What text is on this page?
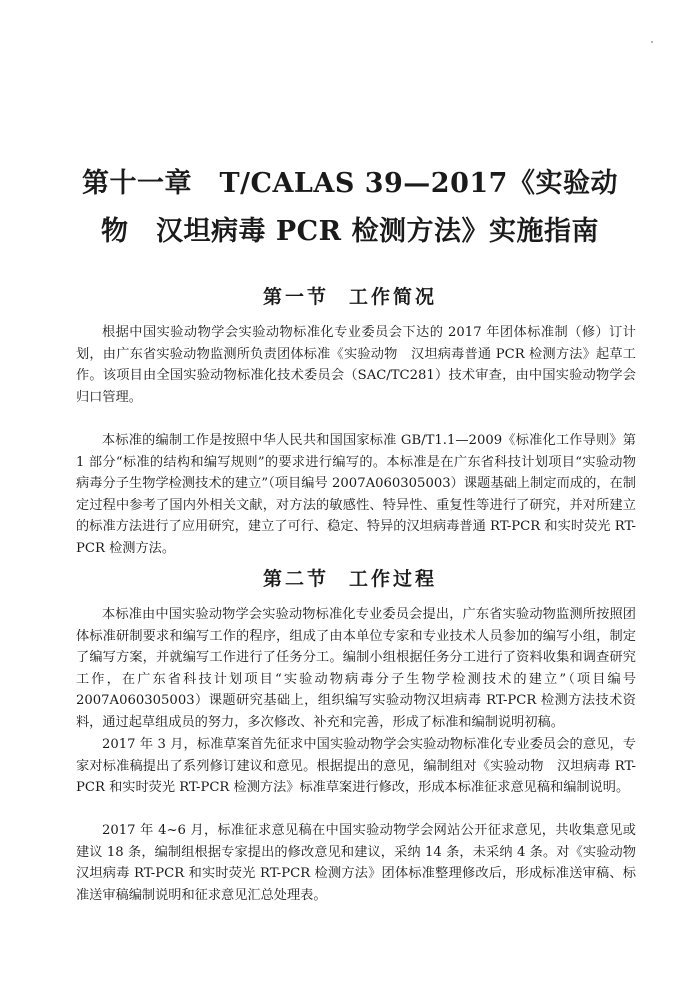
第十一章　T/CALAS 39—2017《实验动物　汉坦病毒 PCR 检测方法》实施指南
第一节 工作简况

根据中国实验动物学会实验动物标准化专业委员会下达的 2017 年团体标准制（修）订计划，由广东省实验动物监测所负责团体标准《实验动物　汉坦病毒普通 PCR 检测方法》起草工作。该项目由全国实验动物标准化技术委员会（SAC/TC281）技术审查，由中国实验动物学会归口管理。

本标准的编制工作是按照中华人民共和国国家标准 GB/T1.1—2009《标准化工作导则》第 1 部分“标准的结构和编写规则”的要求进行编写的。本标准是在广东省科技计划项目“实验动物病毒分子生物学检测技术的建立”（项目编号 2007A060305003）课题基础上制定而成的，在制定过程中参考了国内外相关文献，对方法的敏感性、特异性、重复性等进行了研究，并对所建立的标准方法进行了应用研究，建立了可行、稳定、特异的汉坦病毒普通 RT-PCR 和实时荧光 RT-PCR 检测方法。

第二节 工作过程

本标准由中国实验动物学会实验动物标准化专业委员会提出，广东省实验动物监测所按照团体标准研制要求和编写工作的程序，组成了由本单位专家和专业技术人员参加的编写小组，制定了编写方案，并就编写工作进行了任务分工。编制小组根据任务分工进行了资料收集和调查研究工作，在广东省科技计划项目“实验动物病毒分子生物学检测技术的建立”（项目编号 2007A060305003）课题研究基础上，组织编写实验动物汉坦病毒 RT-PCR 检测方法技术资料，通过起草组成员的努力，多次修改、补充和完善，形成了标准和编制说明初稿。

2017 年 3 月，标准草案首先征求中国实验动物学会实验动物标准化专业委员会的意见，专家对标准稿提出了系列修订建议和意见。根据提出的意见，编制组对《实验动物　汉坦病毒 RT-PCR 和实时荧光 RT-PCR 检测方法》标准草案进行修改，形成本标准征求意见稿和编制说明。

2017 年 4~6 月，标准征求意见稿在中国实验动物学会网站公开征求意见，共收集意见或建议 18 条，编制组根据专家提出的修改意见和建议，采纳 14 条，未采纳 4 条。对《实验动物　汉坦病毒 RT-PCR 和实时荧光 RT-PCR 检测方法》团体标准整理修改后，形成标准送审稿、标准送审稿编制说明和征求意见汇总处理表。
